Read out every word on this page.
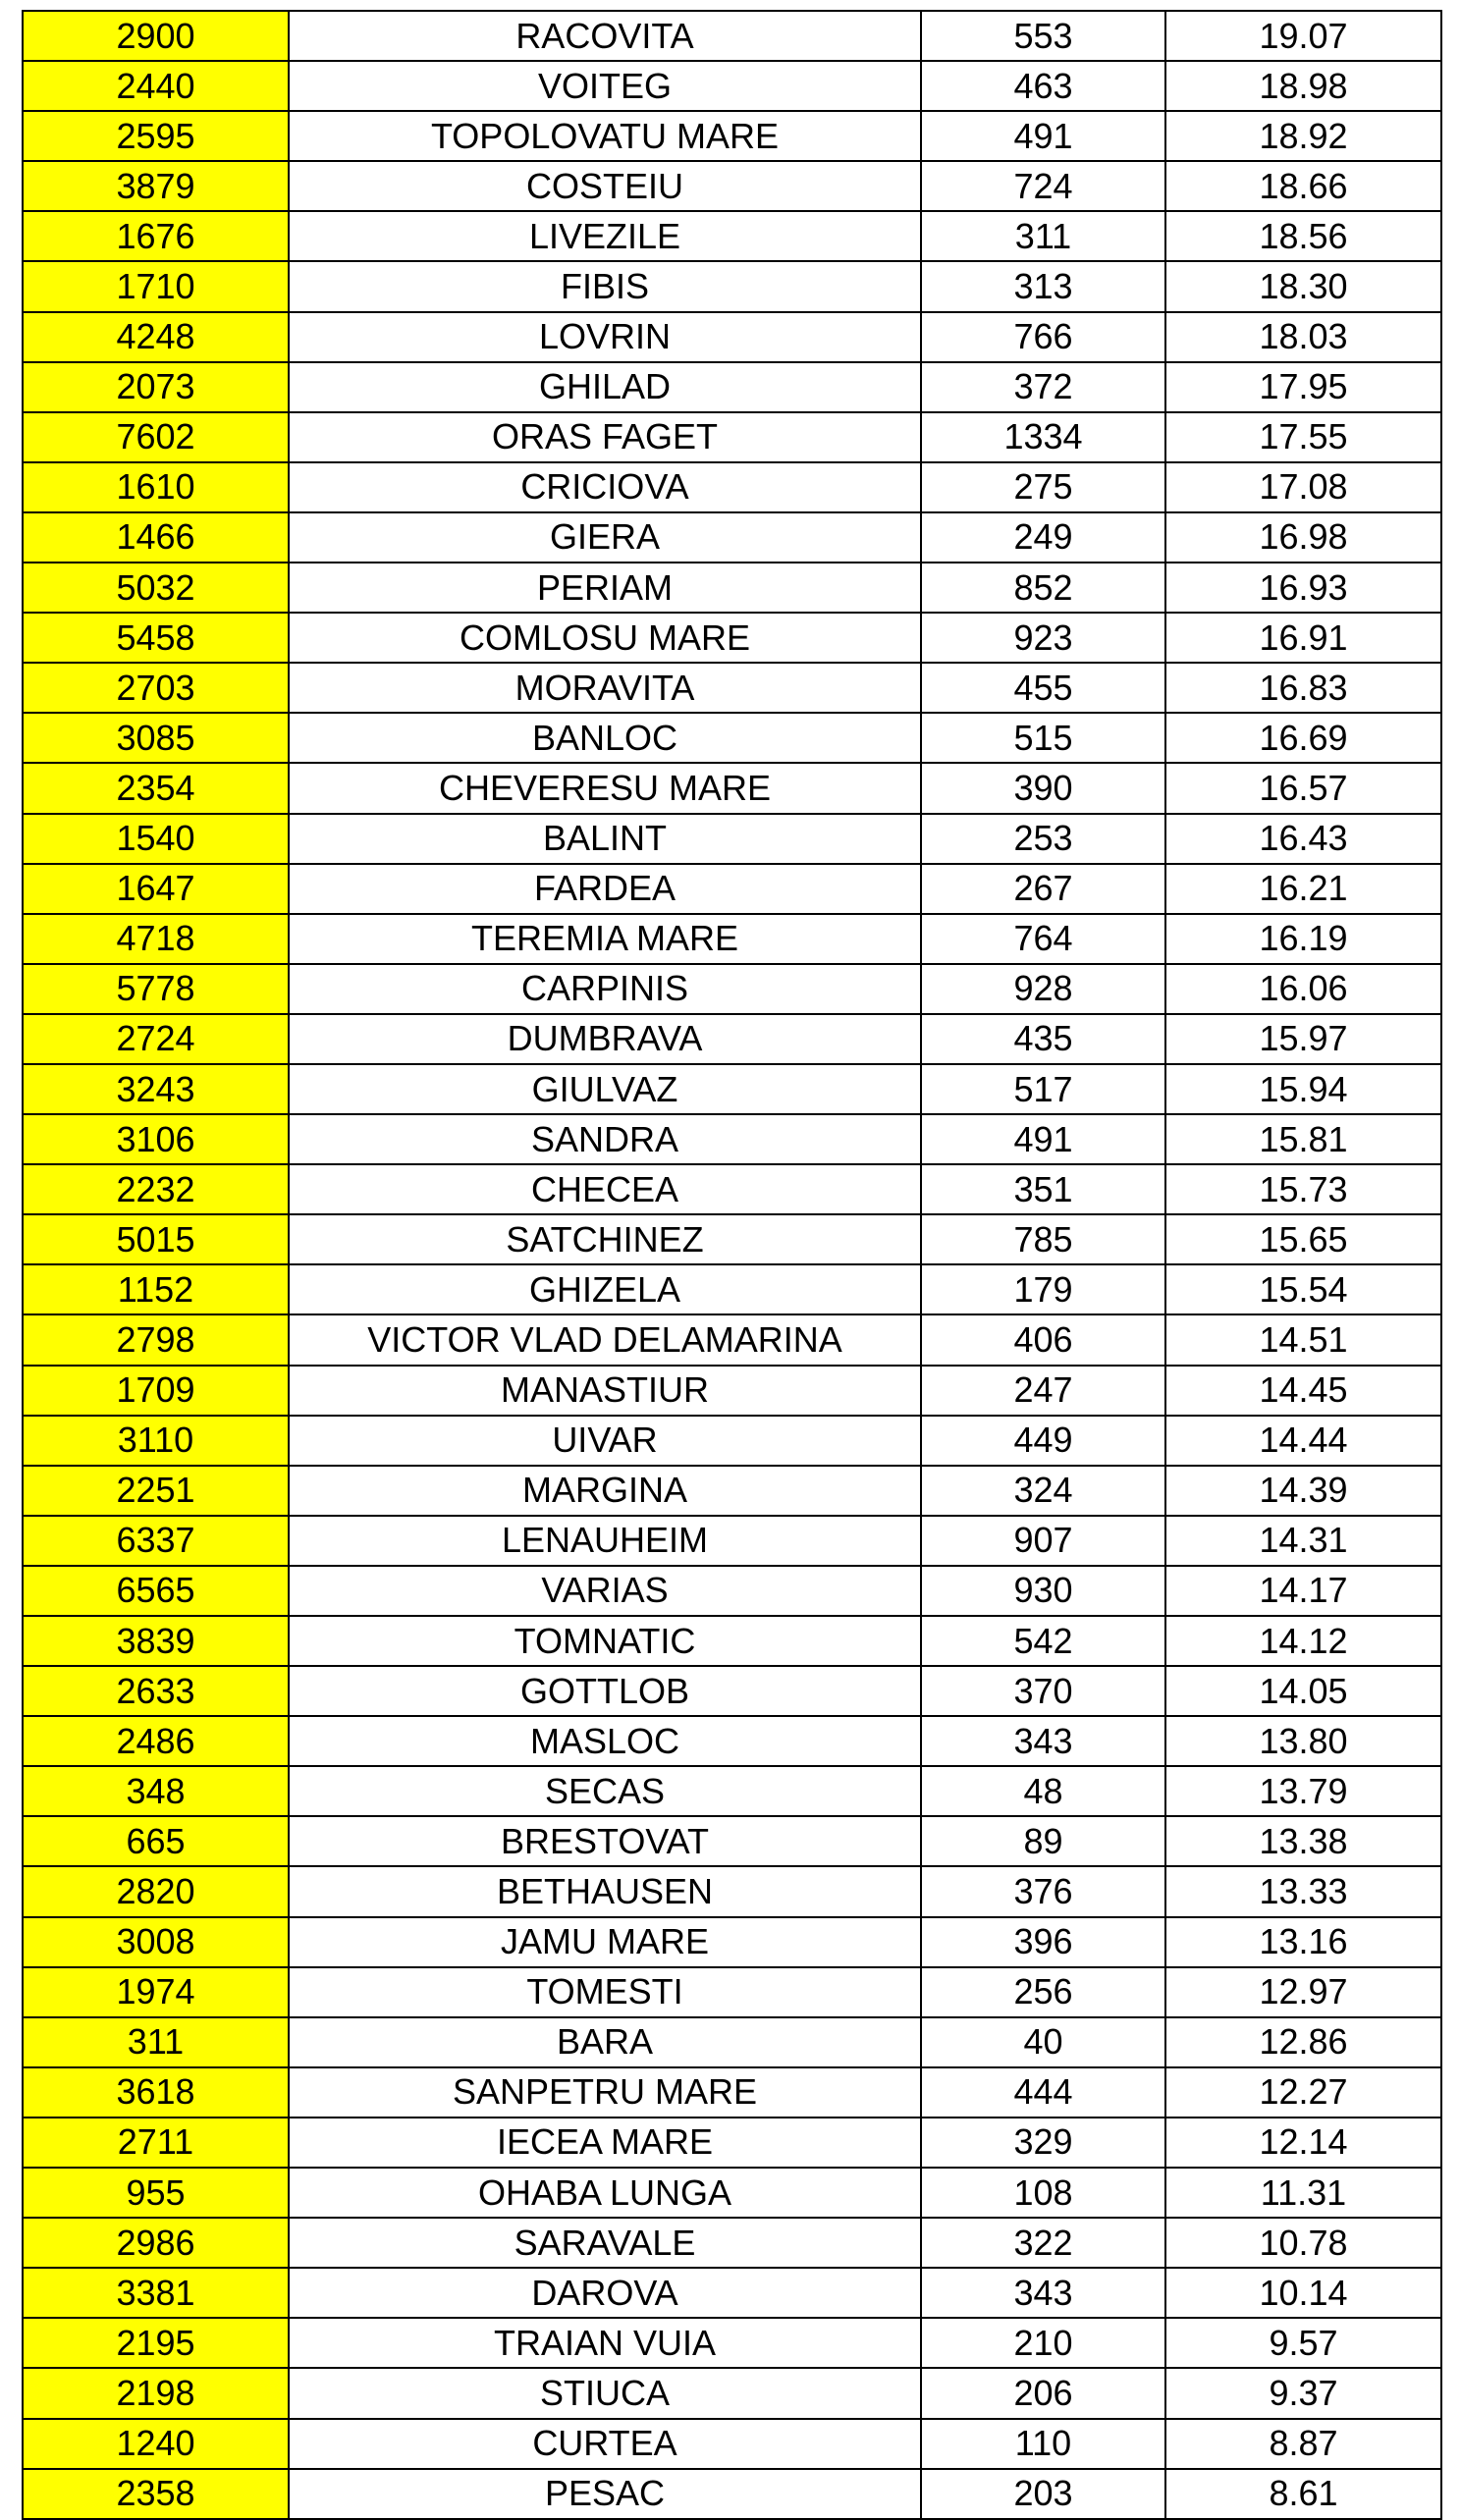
2900	RACOVITA	553	19.07
2440	VOITEG	463	18.98
2595	TOPOLOVATU MARE	491	18.92
3879	COSTEIU	724	18.66
1676	LIVEZILE	311	18.56
1710	FIBIS	313	18.30
4248	LOVRIN	766	18.03
2073	GHILAD	372	17.95
7602	ORAS FAGET	1334	17.55
1610	CRICIOVA	275	17.08
1466	GIERA	249	16.98
5032	PERIAM	852	16.93
5458	COMLOSU MARE	923	16.91
2703	MORAVITA	455	16.83
3085	BANLOC	515	16.69
2354	CHEVERESU MARE	390	16.57
1540	BALINT	253	16.43
1647	FARDEA	267	16.21
4718	TEREMIA MARE	764	16.19
5778	CARPINIS	928	16.06
2724	DUMBRAVA	435	15.97
3243	GIULVAZ	517	15.94
3106	SANDRA	491	15.81
2232	CHECEA	351	15.73
5015	SATCHINEZ	785	15.65
1152	GHIZELA	179	15.54
2798	VICTOR VLAD DELAMARINA	406	14.51
1709	MANASTIUR	247	14.45
3110	UIVAR	449	14.44
2251	MARGINA	324	14.39
6337	LENAUHEIM	907	14.31
6565	VARIAS	930	14.17
3839	TOMNATIC	542	14.12
2633	GOTTLOB	370	14.05
2486	MASLOC	343	13.80
348	SECAS	48	13.79
665	BRESTOVAT	89	13.38
2820	BETHAUSEN	376	13.33
3008	JAMU MARE	396	13.16
1974	TOMESTI	256	12.97
311	BARA	40	12.86
3618	SANPETRU MARE	444	12.27
2711	IECEA MARE	329	12.14
955	OHABA LUNGA	108	11.31
2986	SARAVALE	322	10.78
3381	DAROVA	343	10.14
2195	TRAIAN VUIA	210	9.57
2198	STIUCA	206	9.37
1240	CURTEA	110	8.87
2358	PESAC	203	8.61
